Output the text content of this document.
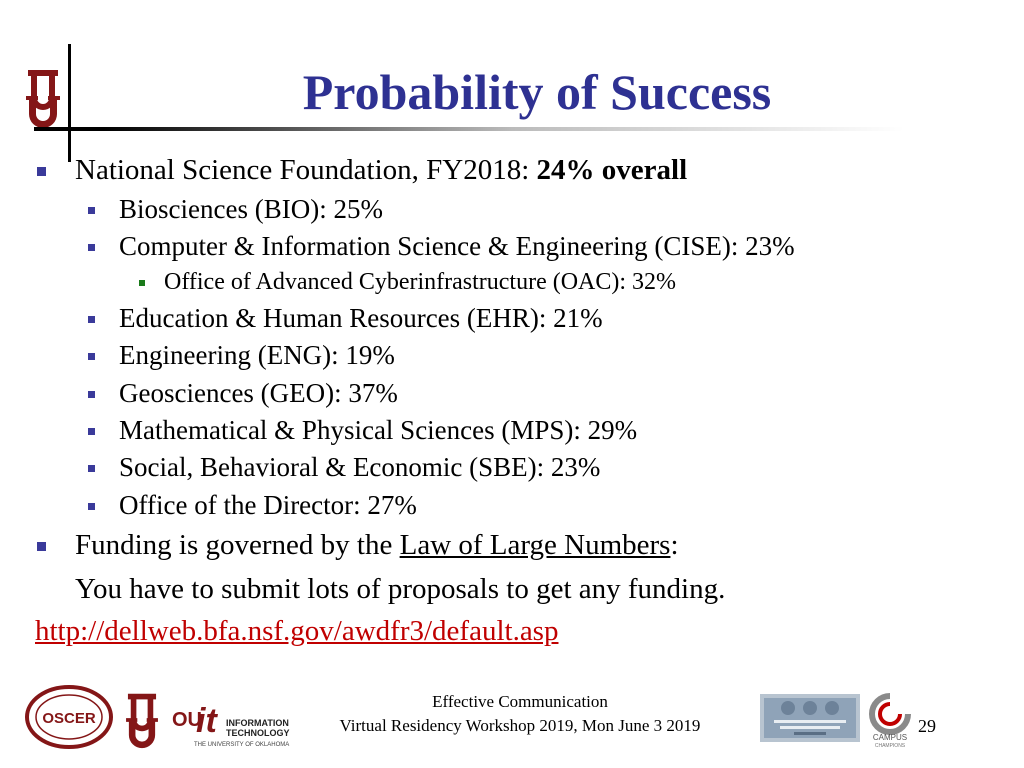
Probability of Success
National Science Foundation, FY2018: 24% overall
Biosciences (BIO): 25%
Computer & Information Science & Engineering (CISE): 23%
Office of Advanced Cyberinfrastructure (OAC): 32%
Education & Human Resources (EHR): 21%
Engineering (ENG): 19%
Geosciences (GEO): 37%
Mathematical & Physical Sciences (MPS): 29%
Social, Behavioral & Economic (SBE): 23%
Office of the Director: 27%
Funding is governed by the Law of Large Numbers:
You have to submit lots of proposals to get any funding.
http://dellweb.bfa.nsf.gov/awdfr3/default.asp
OSCER	OU
it INFORMATION
TECHNOLOGY
THE UNIVERSITY OF OKLAHOMA
Effective Communication
Virtual Residency Workshop 2019, Mon June 3 2019
CAMPUS
CHAMPIONS
29
